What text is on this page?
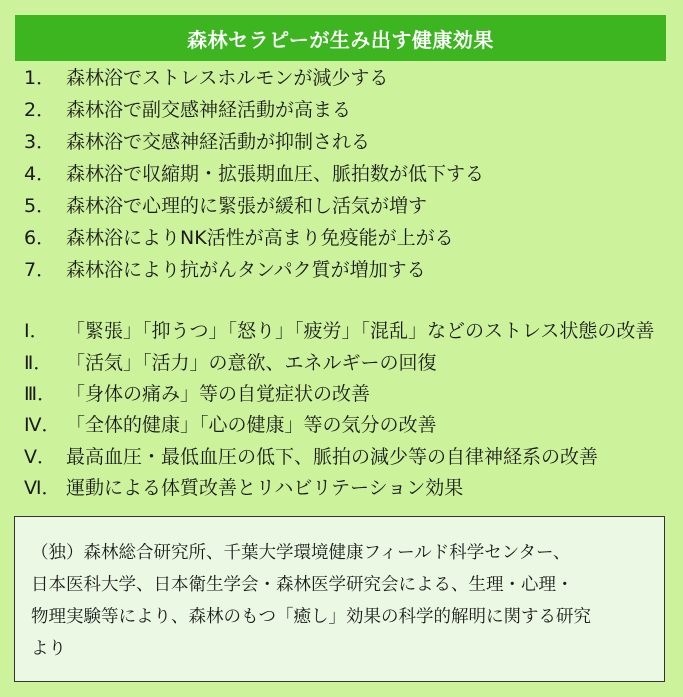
森林セラピーが生み出す健康効果
1． 森林浴でストレスホルモンが減少する
2． 森林浴で副交感神経活動が高まる
3． 森林浴で交感神経活動が抑制される
4． 森林浴で収縮期・拡張期血圧、脈拍数が低下する
5． 森林浴で心理的に緊張が緩和し活気が増す
6． 森林浴によりNK活性が高まり免疫能が上がる
7． 森林浴により抗がんタンパク質が増加する
Ⅰ． 「緊張」「抑うつ」「怒り」「疲労」「混乱」などのストレス状態の改善
Ⅱ． 「活気」「活力」の意欲、エネルギーの回復
Ⅲ． 「身体の痛み」等の自覚症状の改善
Ⅳ． 「全体的健康」「心の健康」等の気分の改善
Ⅴ． 最高血圧・最低血圧の低下、脈拍の減少等の自律神経系の改善
Ⅵ． 運動による体質改善とリハビリテーション効果
（独）森林総合研究所、千葉大学環境健康フィールド科学センター、
日本医科大学、日本衛生学会・森林医学研究会による、生理・心理・
物理実験等により、森林のもつ「癒し」効果の科学的解明に関する研究
より
